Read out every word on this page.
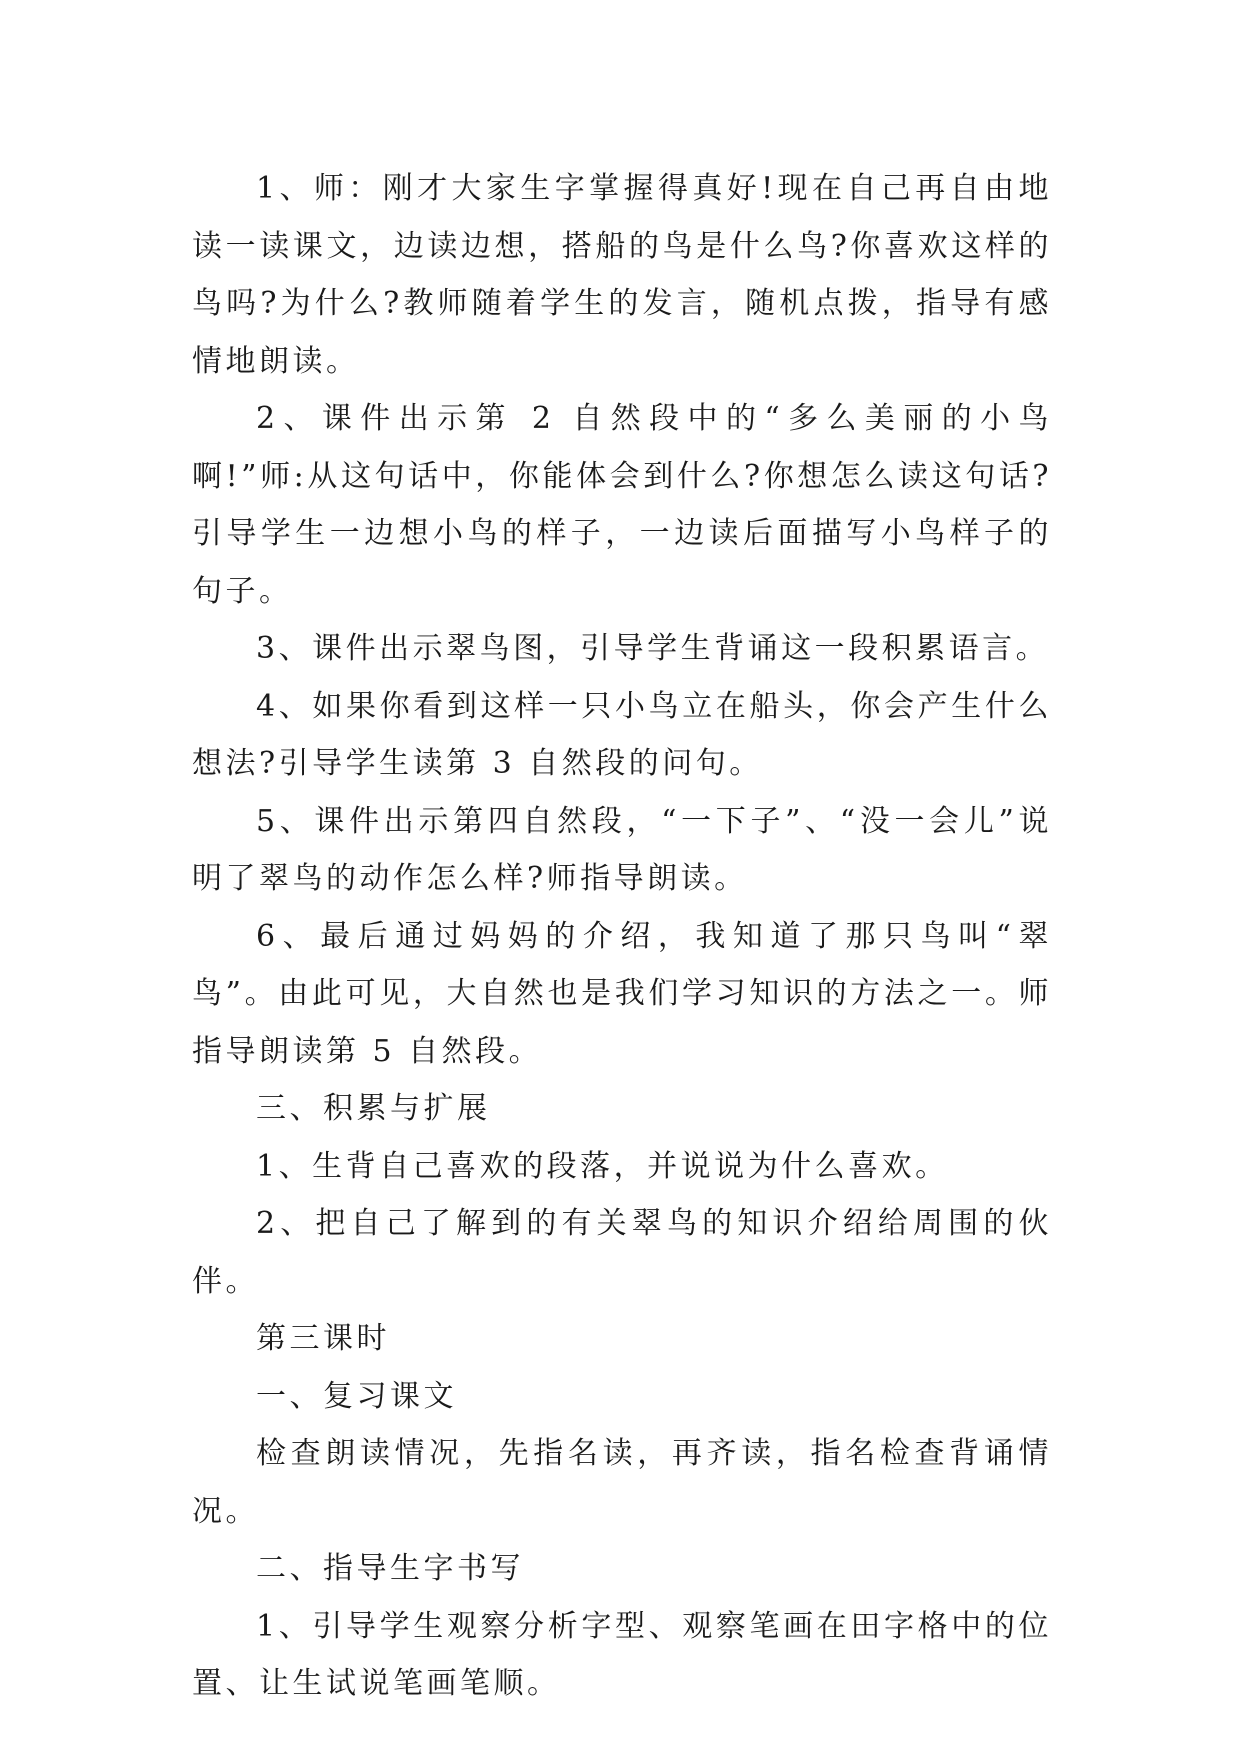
1、师：刚才大家生字掌握得真好!现在自己再自由地读一读课文，边读边想，搭船的鸟是什么鸟?你喜欢这样的鸟吗?为什么?教师随着学生的发言，随机点拨，指导有感情地朗读。

2、课件出示第 2 自然段中的“多么美丽的小鸟啊!”师:从这句话中，你能体会到什么?你想怎么读这句话?引导学生一边想小鸟的样子，一边读后面描写小鸟样子的句子。

3、课件出示翠鸟图，引导学生背诵这一段积累语言。

4、如果你看到这样一只小鸟立在船头，你会产生什么想法?引导学生读第 3 自然段的问句。

5、课件出示第四自然段，“一下子”、“没一会儿”说明了翠鸟的动作怎么样?师指导朗读。

6、最后通过妈妈的介绍，我知道了那只鸟叫“翠鸟”。由此可见，大自然也是我们学习知识的方法之一。师指导朗读第 5 自然段。

三、积累与扩展

1、生背自己喜欢的段落，并说说为什么喜欢。

2、把自己了解到的有关翠鸟的知识介绍给周围的伙伴。

第三课时

一、复习课文

检查朗读情况，先指名读，再齐读，指名检查背诵情况。

二、指导生字书写

1、引导学生观察分析字型、观察笔画在田字格中的位置、让生试说笔画笔顺。
